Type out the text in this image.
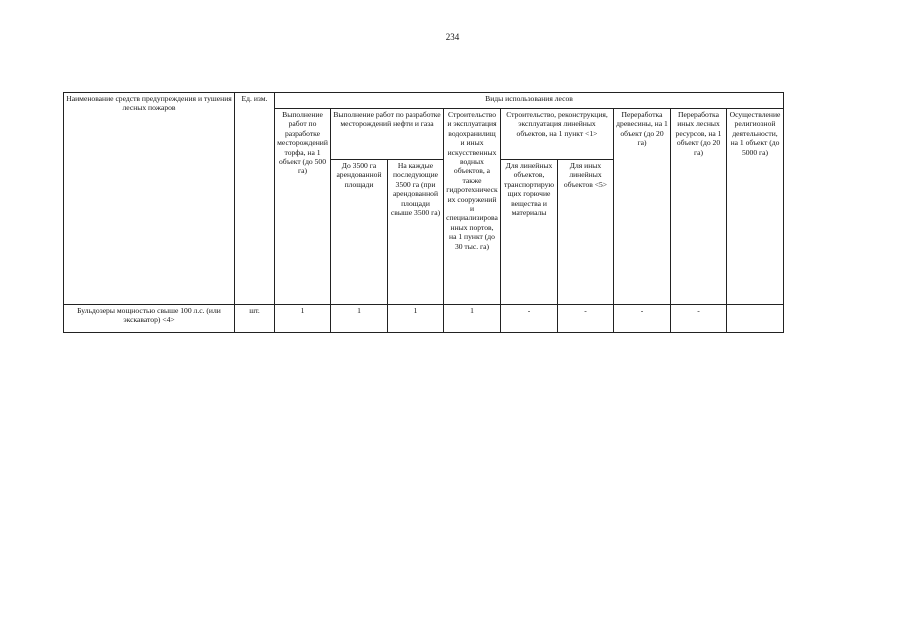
234
Наименование средств предупреждения и тушения лесных пожаров	Ед. изм.	Виды использования лесов								
		Выполнение работ по разработке месторождений торфа, на 1 объект (до 500 га)	Выполнение работ по разработке месторождений нефти и газа		Строительство и эксплуатация водохранилищ и иных искусственных водных объектов, а также гидротехнических сооружений и специализированных портов, на 1 пункт (до 30 тыс. га)	Строительство, реконструкция, эксплуатация линейных объектов, на 1 пункт <1>		Переработка древесины, на 1 объект (до 20 га)	Переработка иных лесных ресурсов, на 1 объект (до 20 га)	Осуществление религиозной деятельности, на 1 объект (до 5000 га)
			До 3500 га арендованной площади	На каждые последующие 3500 га (при арендованной площади свыше 3500 га)						
						Для линейных объектов, транспортирующих горючие вещества и материалы	Для иных линейных объектов <5>			
Бульдозеры мощностью свыше 100 л.с. (или экскаватор) <4>	шт.	1	1	1	1	-	-	-	-	
